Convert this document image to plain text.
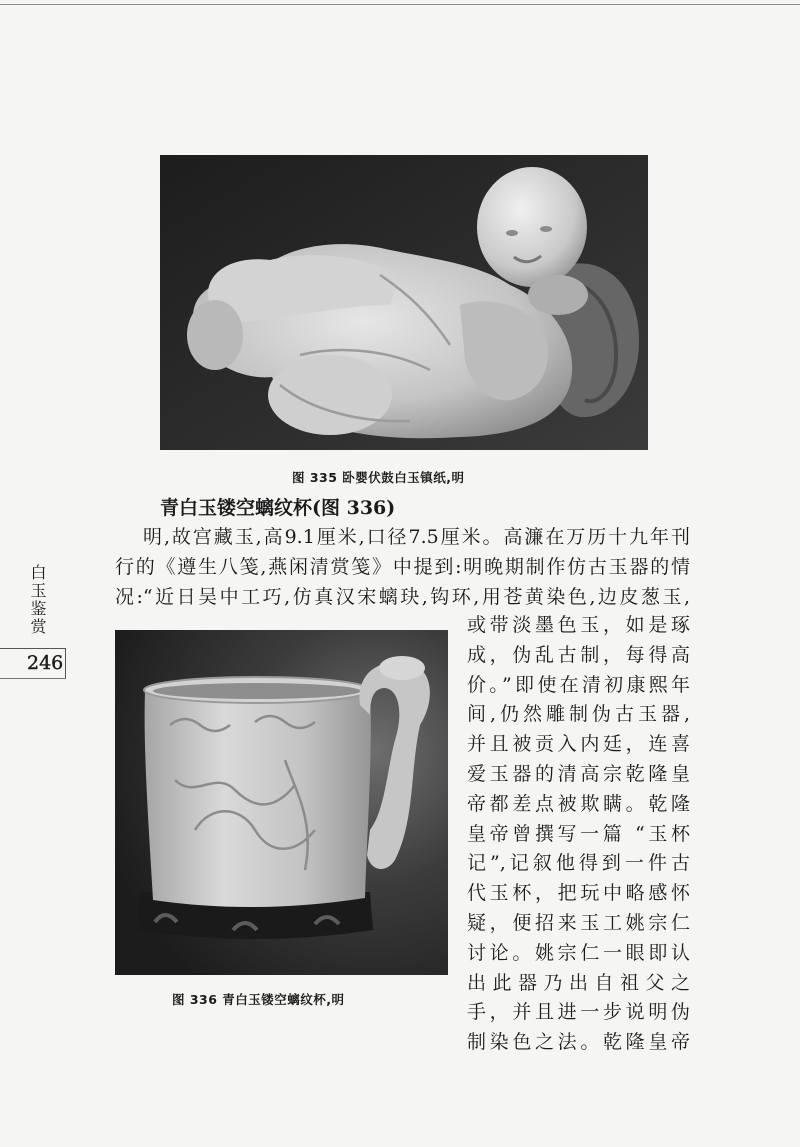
图 335 卧婴伏鼓白玉镇纸,明
青白玉镂空螭纹杯(图 336)
明,故宫藏玉,高9.1厘米,口径7.5厘米。高濂在万历十九年刊
行的《遵生八笺,燕闲清赏笺》中提到:明晚期制作仿古玉器的情
况:“近日吴中工巧,仿真汉宋螭玦,钩环,用苍黄染色,边皮葱玉,
图 336 青白玉镂空螭纹杯,明
或带淡墨色玉，如是琢
成，伪乱古制，每得高
价。”即使在清初康熙年
间,仍然雕制伪古玉器,
并且被贡入内廷，连喜
爱玉器的清高宗乾隆皇
帝都差点被欺瞒。乾隆
皇帝曾撰写一篇 “玉杯
记”,记叙他得到一件古
代玉杯，把玩中略感怀
疑，便招来玉工姚宗仁
讨论。姚宗仁一眼即认
出此器乃出自祖父之
手，并且进一步说明伪
制染色之法。乾隆皇帝
白玉鉴赏
246
